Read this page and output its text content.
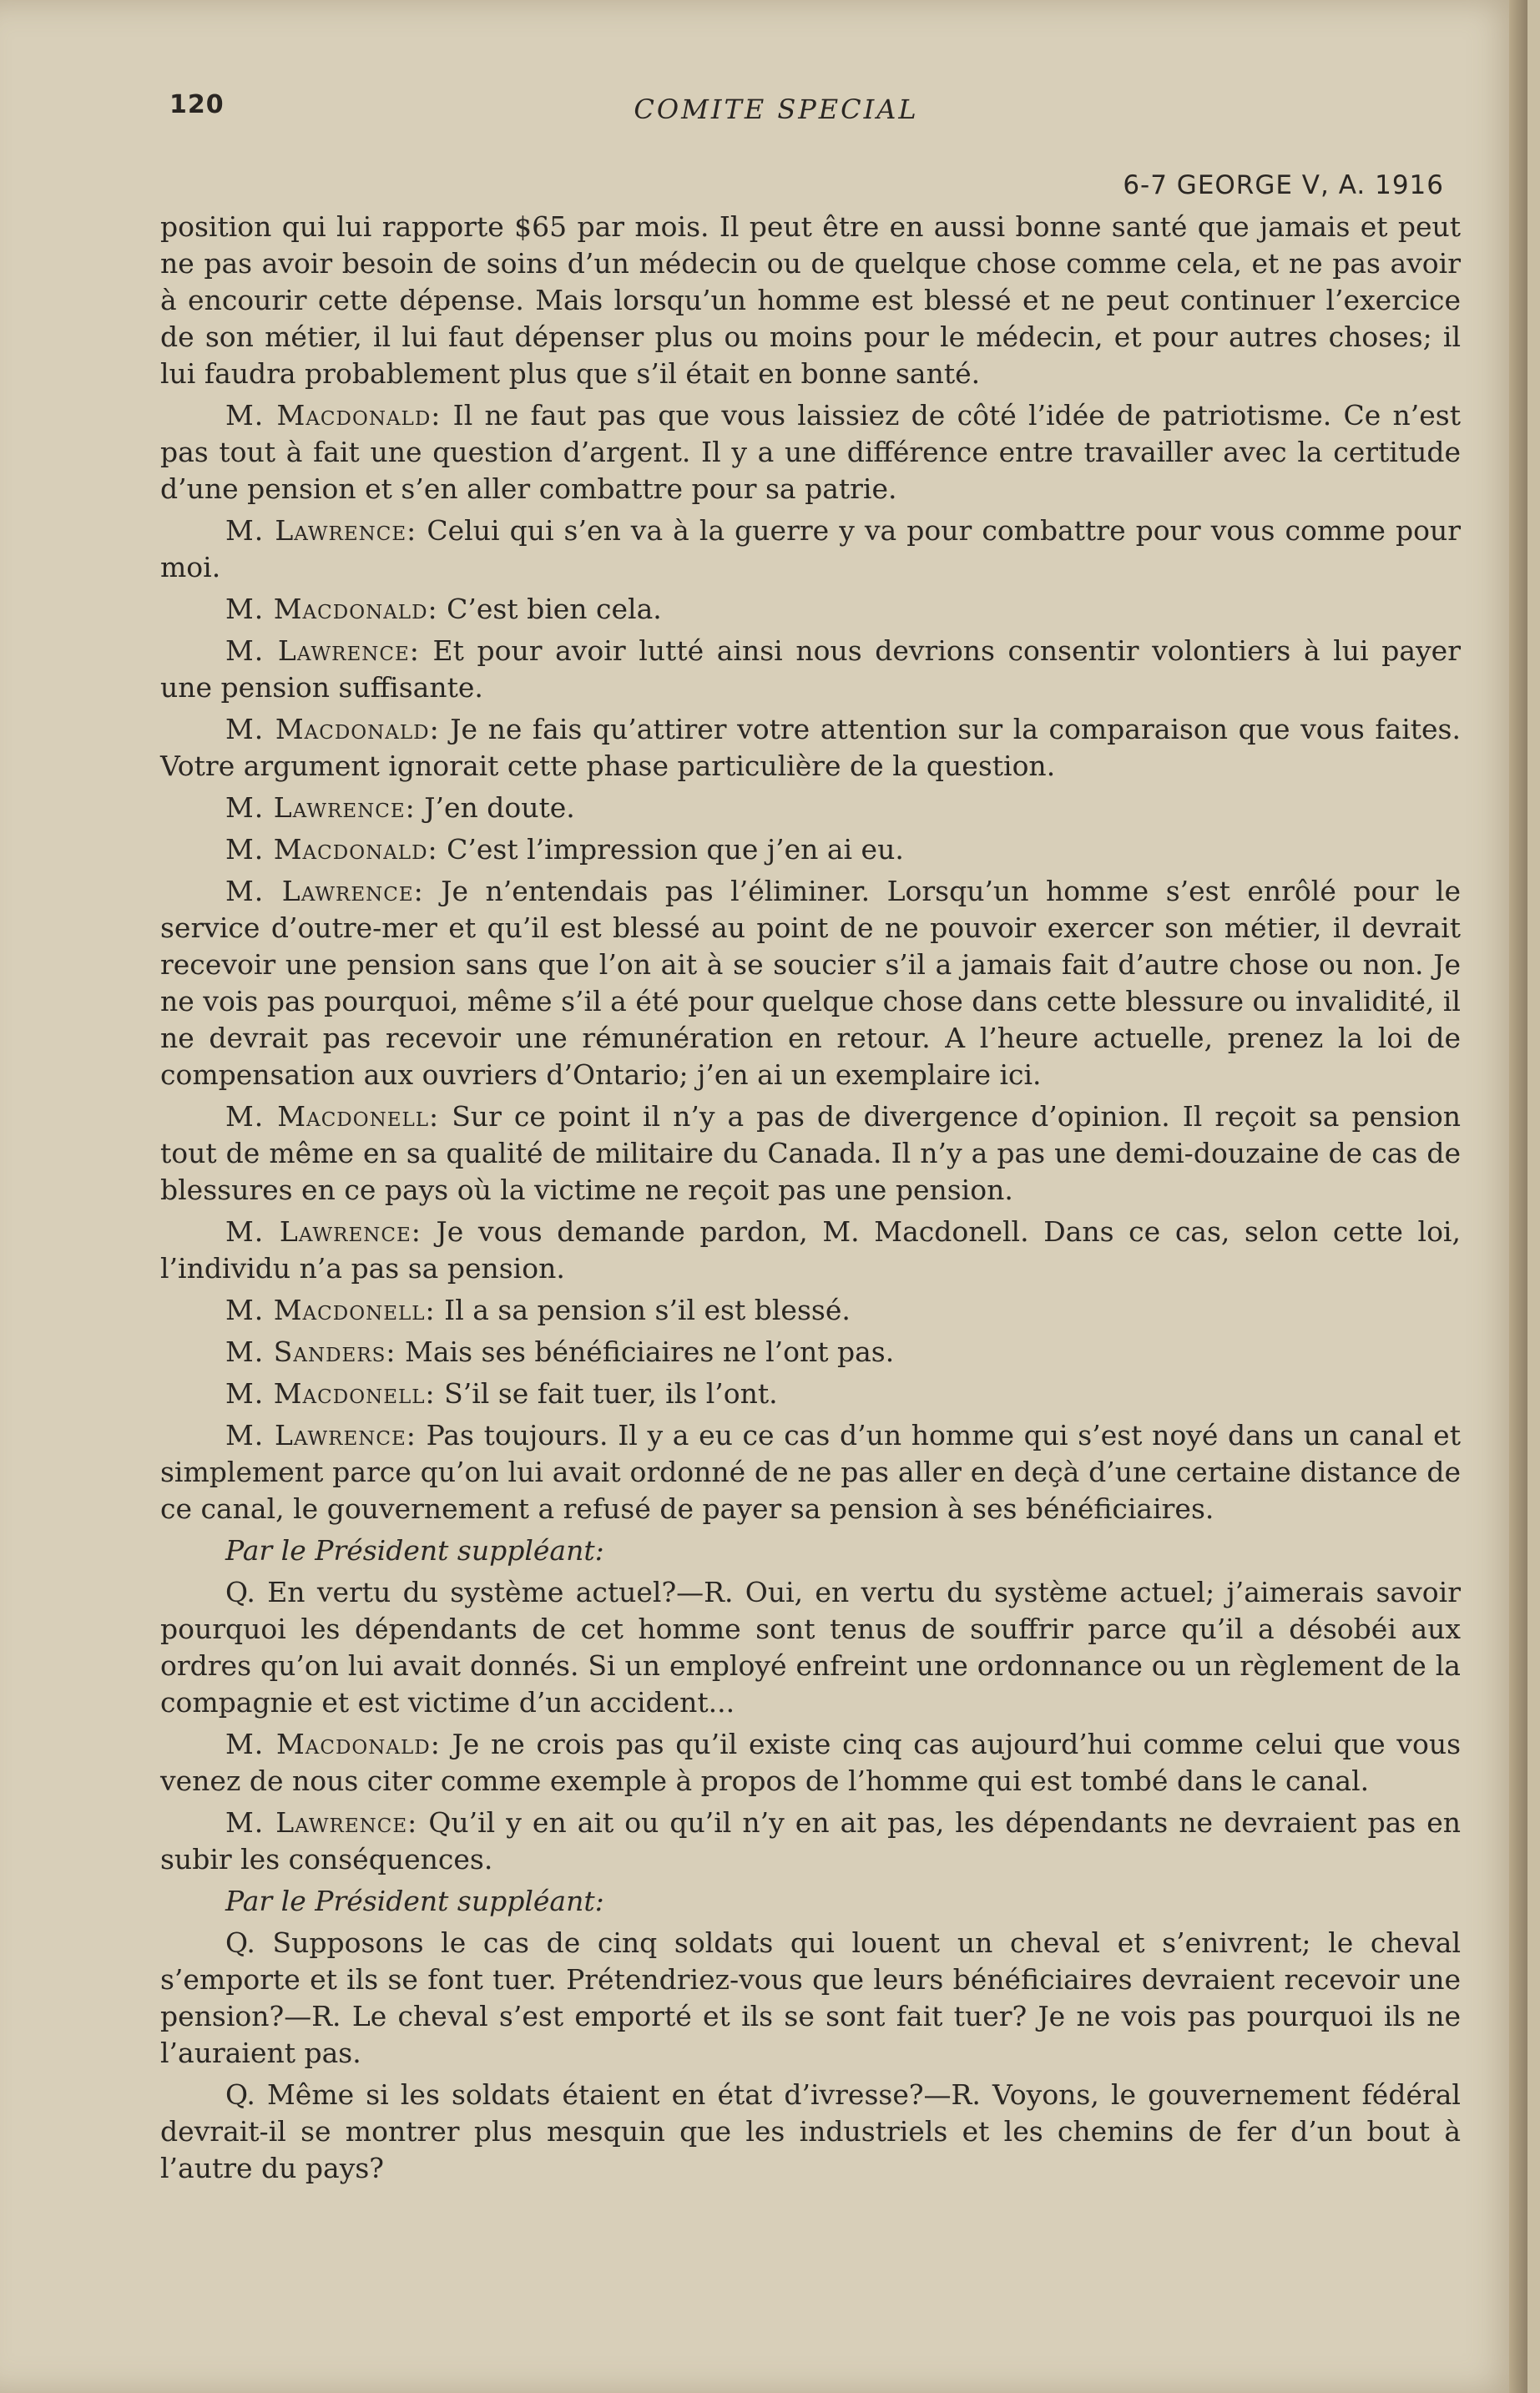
120	COMITE SPECIAL
6-7 GEORGE V, A. 1916

position qui lui rapporte $65 par mois. Il peut être en aussi bonne santé que jamais et peut ne pas avoir besoin de soins d’un médecin ou de quelque chose comme cela, et ne pas avoir à encourir cette dépense. Mais lorsqu’un homme est blessé et ne peut continuer l’exercice de son métier, il lui faut dépenser plus ou moins pour le médecin, et pour autres choses; il lui faudra probablement plus que s’il était en bonne santé.

M. Macdonald: Il ne faut pas que vous laissiez de côté l’idée de patriotisme. Ce n’est pas tout à fait une question d’argent. Il y a une différence entre travailler avec la certitude d’une pension et s’en aller combattre pour sa patrie.

M. Lawrence: Celui qui s’en va à la guerre y va pour combattre pour vous comme pour moi.

M. Macdonald: C’est bien cela.

M. Lawrence: Et pour avoir lutté ainsi nous devrions consentir volontiers à lui payer une pension suffisante.

M. Macdonald: Je ne fais qu’attirer votre attention sur la comparaison que vous faites. Votre argument ignorait cette phase particulière de la question.

M. Lawrence: J’en doute.

M. Macdonald: C’est l’impression que j’en ai eu.

M. Lawrence: Je n’entendais pas l’éliminer. Lorsqu’un homme s’est enrôlé pour le service d’outre-mer et qu’il est blessé au point de ne pouvoir exercer son métier, il devrait recevoir une pension sans que l’on ait à se soucier s’il a jamais fait d’autre chose ou non. Je ne vois pas pourquoi, même s’il a été pour quelque chose dans cette blessure ou invalidité, il ne devrait pas recevoir une rémunération en retour. A l’heure actuelle, prenez la loi de compensation aux ouvriers d’Ontario; j’en ai un exemplaire ici.

M. Macdonell: Sur ce point il n’y a pas de divergence d’opinion. Il reçoit sa pension tout de même en sa qualité de militaire du Canada. Il n’y a pas une demi-douzaine de cas de blessures en ce pays où la victime ne reçoit pas une pension.

M. Lawrence: Je vous demande pardon, M. Macdonell. Dans ce cas, selon cette loi, l’individu n’a pas sa pension.

M. Macdonell: Il a sa pension s’il est blessé.

M. Sanders: Mais ses bénéficiaires ne l’ont pas.

M. Macdonell: S’il se fait tuer, ils l’ont.

M. Lawrence: Pas toujours. Il y a eu ce cas d’un homme qui s’est noyé dans un canal et simplement parce qu’on lui avait ordonné de ne pas aller en deçà d’une certaine distance de ce canal, le gouvernement a refusé de payer sa pension à ses bénéficiaires.

Par le Président suppléant:

Q. En vertu du système actuel?—R. Oui, en vertu du système actuel; j’aimerais savoir pourquoi les dépendants de cet homme sont tenus de souffrir parce qu’il a désobéi aux ordres qu’on lui avait donnés. Si un employé enfreint une ordonnance ou un règlement de la compagnie et est victime d’un accident...

M. Macdonald: Je ne crois pas qu’il existe cinq cas aujourd’hui comme celui que vous venez de nous citer comme exemple à propos de l’homme qui est tombé dans le canal.

M. Lawrence: Qu’il y en ait ou qu’il n’y en ait pas, les dépendants ne devraient pas en subir les conséquences.

Par le Président suppléant:

Q. Supposons le cas de cinq soldats qui louent un cheval et s’enivrent; le cheval s’emporte et ils se font tuer. Prétendriez-vous que leurs bénéficiaires devraient recevoir une pension?—R. Le cheval s’est emporté et ils se sont fait tuer? Je ne vois pas pourquoi ils ne l’auraient pas.

Q. Même si les soldats étaient en état d’ivresse?—R. Voyons, le gouvernement fédéral devrait-il se montrer plus mesquin que les industriels et les chemins de fer d’un bout à l’autre du pays?
